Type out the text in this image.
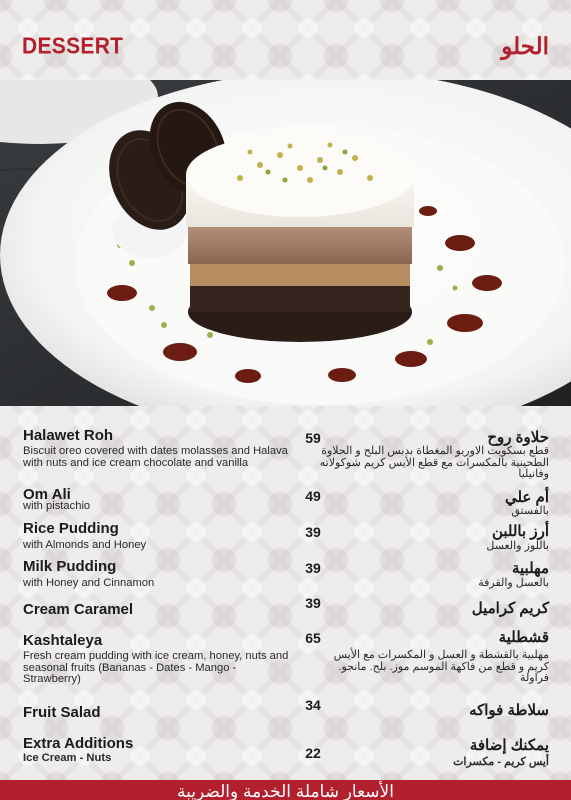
DESSERT	الحلو
Halawet Roh
Biscuit oreo covered with dates molasses and Halava with nuts and ice cream chocolate and vanilla
59	حلاوة روح
قطع بسكويت الاوريو المغطاة بدبس البلح و الحلاوة الطحينية بالمكسرات مع قطع الأيس كريم شوكولاته وفانيليا
Om Ali
with pistachio
49	أم علي
بالفستق
Rice Pudding
with Almonds and Honey
39	أرز باللبن
باللوز والعسل
Milk Pudding
with Honey and Cinnamon
39	مهلبية
بالعسل والقرفة
Cream Caramel	39	كريم كراميل
Kashtaleya
Fresh cream pudding with ice cream, honey, nuts and seasonal fruits (Bananas - Dates - Mango - Strawberry)
65	قشطلية
مهلبية بالقشطة و العسل و المكسرات مع الأيس كريم و قطع من فاكهة الموسم موز. بلح. مانجو. فراولة
Fruit Salad	34	سلاطة فواكه
Extra Additions
Ice Cream - Nuts	22	يمكنك إضافة
أيس كريم - مكسرات
الأسعار شاملة الخدمة والضريبة
